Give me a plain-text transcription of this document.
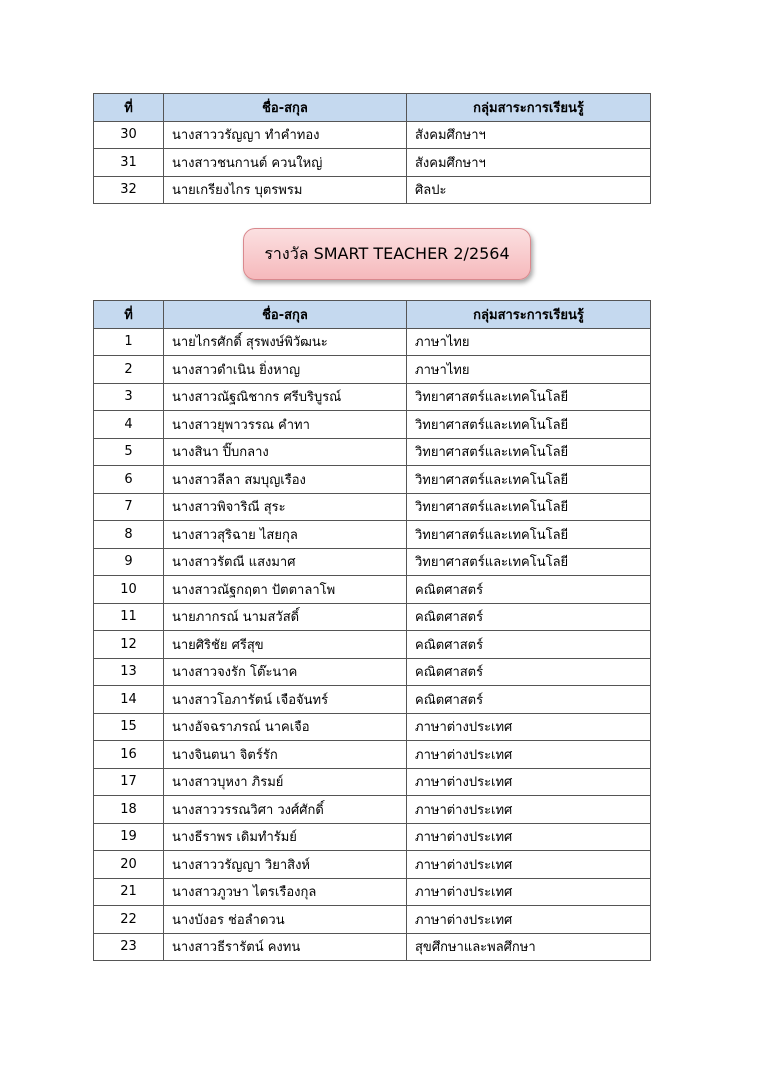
ที่	ชื่อ-สกุล	กลุ่มสาระการเรียนรู้
30	นางสาววรัญญา ทำคำทอง	สังคมศึกษาฯ
31	นางสาวชนกานต์ ควนใหญ่	สังคมศึกษาฯ
32	นายเกรียงไกร บุตรพรม	ศิลปะ
รางวัล SMART TEACHER 2/2564
ที่	ชื่อ-สกุล	กลุ่มสาระการเรียนรู้
1	นายไกรศักดิ์ สุรพงษ์พิวัฒนะ	ภาษาไทย
2	นางสาวดำเนิน ยิ่งหาญ	ภาษาไทย
3	นางสาวณัฐณิชากร ศรีบริบูรณ์	วิทยาศาสตร์และเทคโนโลยี
4	นางสาวยุพาวรรณ คำทา	วิทยาศาสตร์และเทคโนโลยี
5	นางสินา ปิ๊บกลาง	วิทยาศาสตร์และเทคโนโลยี
6	นางสาวลีลา สมบุญเรือง	วิทยาศาสตร์และเทคโนโลยี
7	นางสาวพิจาริณี สุระ	วิทยาศาสตร์และเทคโนโลยี
8	นางสาวสุริฉาย ไสยกุล	วิทยาศาสตร์และเทคโนโลยี
9	นางสาวรัตณี แสงมาศ	วิทยาศาสตร์และเทคโนโลยี
10	นางสาวณัฐกฤตา ปัตตาลาโพ	คณิตศาสตร์
11	นายภากรณ์ นามสวัสดิ์	คณิตศาสตร์
12	นายศิริชัย ศรีสุข	คณิตศาสตร์
13	นางสาวจงรัก โต๊ะนาค	คณิตศาสตร์
14	นางสาวโอภารัตน์ เจือจันทร์	คณิตศาสตร์
15	นางอัจฉราภรณ์ นาคเจือ	ภาษาต่างประเทศ
16	นางจินตนา จิตร์รัก	ภาษาต่างประเทศ
17	นางสาวบุหงา ภิรมย์	ภาษาต่างประเทศ
18	นางสาววรรณวิศา วงศ์ศักดิ์	ภาษาต่างประเทศ
19	นางธีราพร เดิมทำรัมย์	ภาษาต่างประเทศ
20	นางสาววรัญญา วิยาสิงห์	ภาษาต่างประเทศ
21	นางสาวภูวษา ไตรเรืองกุล	ภาษาต่างประเทศ
22	นางบังอร ช่อลำดวน	ภาษาต่างประเทศ
23	นางสาวธีรารัตน์ คงทน	สุขศึกษาและพลศึกษา
